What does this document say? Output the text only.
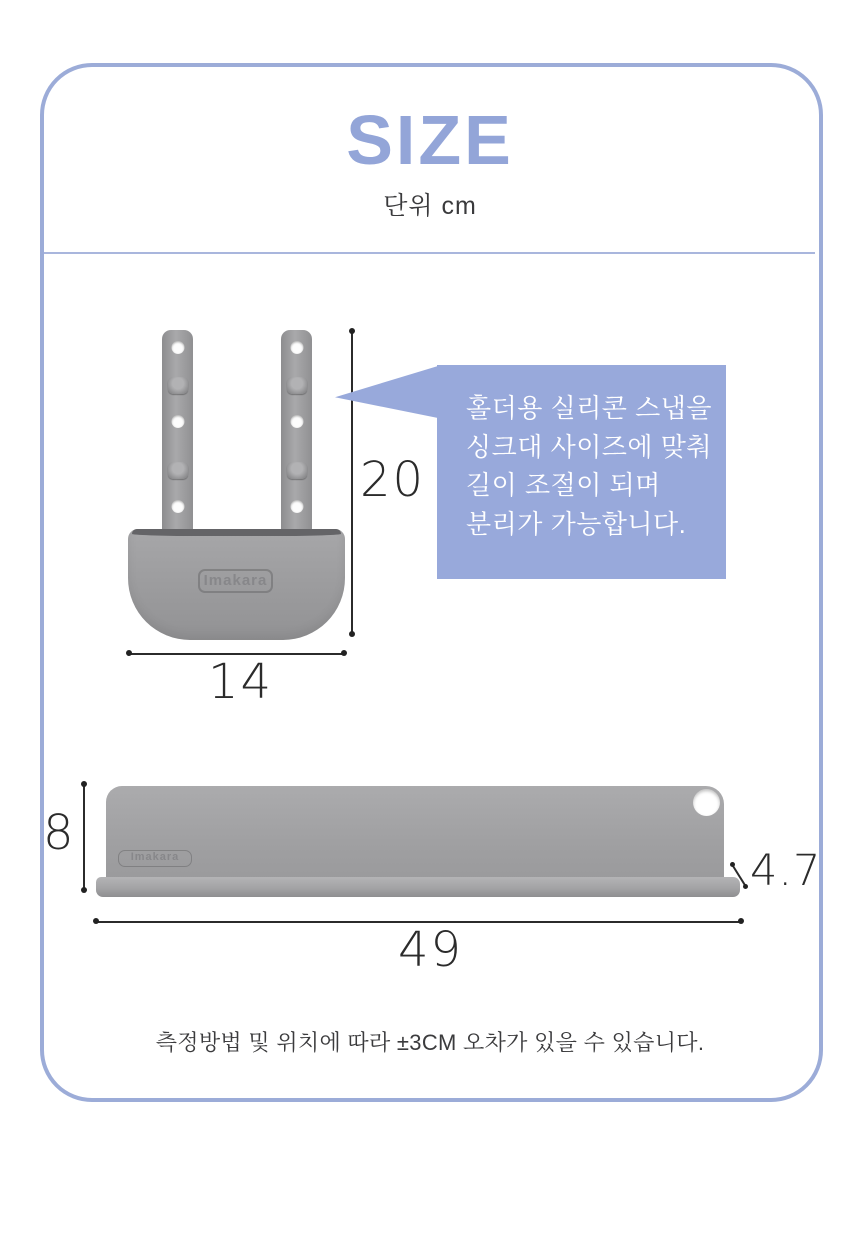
SIZE
단위 cm
Imakara
20
14
홀더용 실리콘 스냅을
싱크대 사이즈에 맞춰
길이 조절이 되며
분리가 가능합니다.
Imakara
8
49
4.7
측정방법 및 위치에 따라 ±3CM 오차가 있을 수 있습니다.
